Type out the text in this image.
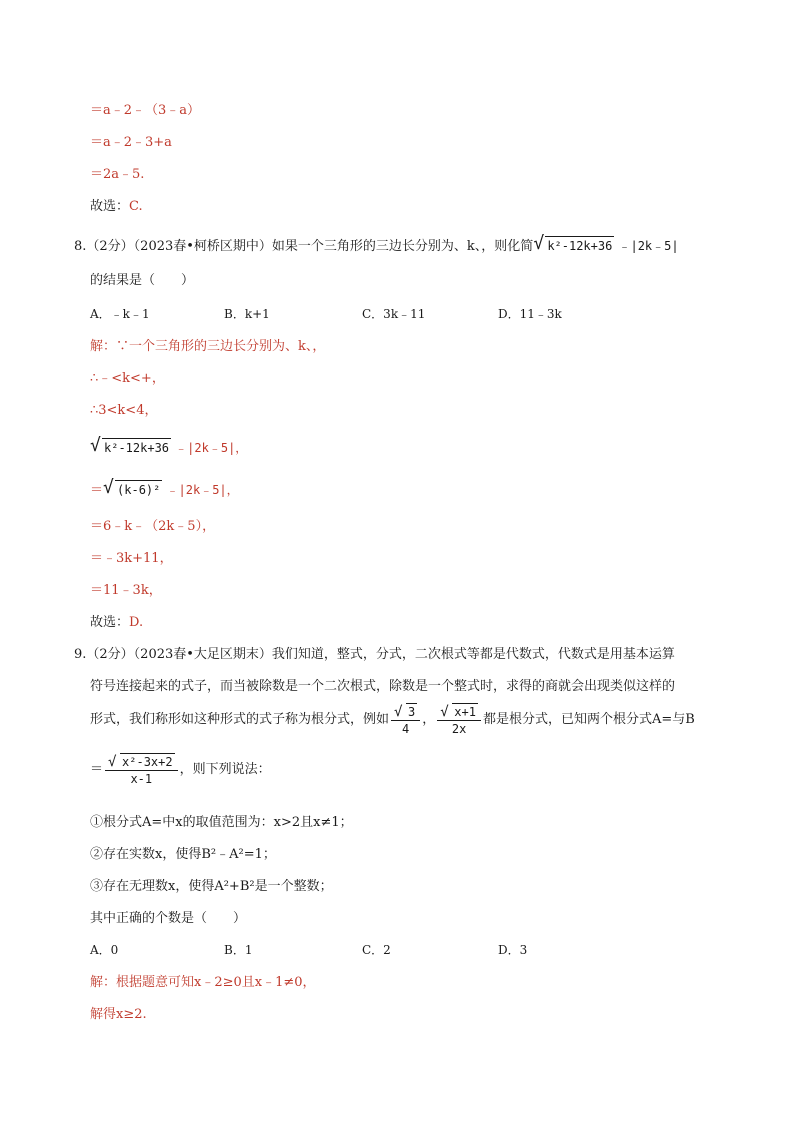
＝a﹣2﹣（3﹣a）
＝a﹣2﹣3+a
＝2a﹣5.
故选：C.
8.（2分）（2023春•柯桥区期中）如果一个三角形的三边长分别为、k、，则化简 √ k²-12k+36 ﹣|2k﹣5|
的结果是（　　）
A．﹣k﹣1	B．k+1	C．3k﹣11	D．11﹣3k
解：∵一个三角形的三边长分别为、k、，
∴﹣<k<+，
∴3<k<4，
√ k²-12k+36 ﹣|2k﹣5|，
＝ √ (k-6)² ﹣|2k﹣5|，
＝6﹣k﹣（2k﹣5），
＝﹣3k+11，
＝11﹣3k，
故选：D.
9.（2分）（2023春•大足区期末）我们知道，整式，分式，二次根式等都是代数式，代数式是用基本运算
符号连接起来的式子，而当被除数是一个二次根式，除数是一个整式时，求得的商就会出现类似这样的
形式，我们称形如这种形式的式子称为根分式，例如 $\frac{√ 3}{4}$ ， $\frac{√ x+1}{2x}$ 都是根分式，已知两个根分式A=与B
＝ $\frac{\text{√ x²-3x+2}}{x-1}$ ，则下列说法：
①根分式A=中x的取值范围为：x>2且x≠1；
②存在实数x，使得B²﹣A²=1；
③存在无理数x，使得A²+B²是一个整数；
其中正确的个数是（　　）
A．0	B．1	C．2	D．3
解：根据题意可知x﹣2≥0且x﹣1≠0，
解得x≥2.
